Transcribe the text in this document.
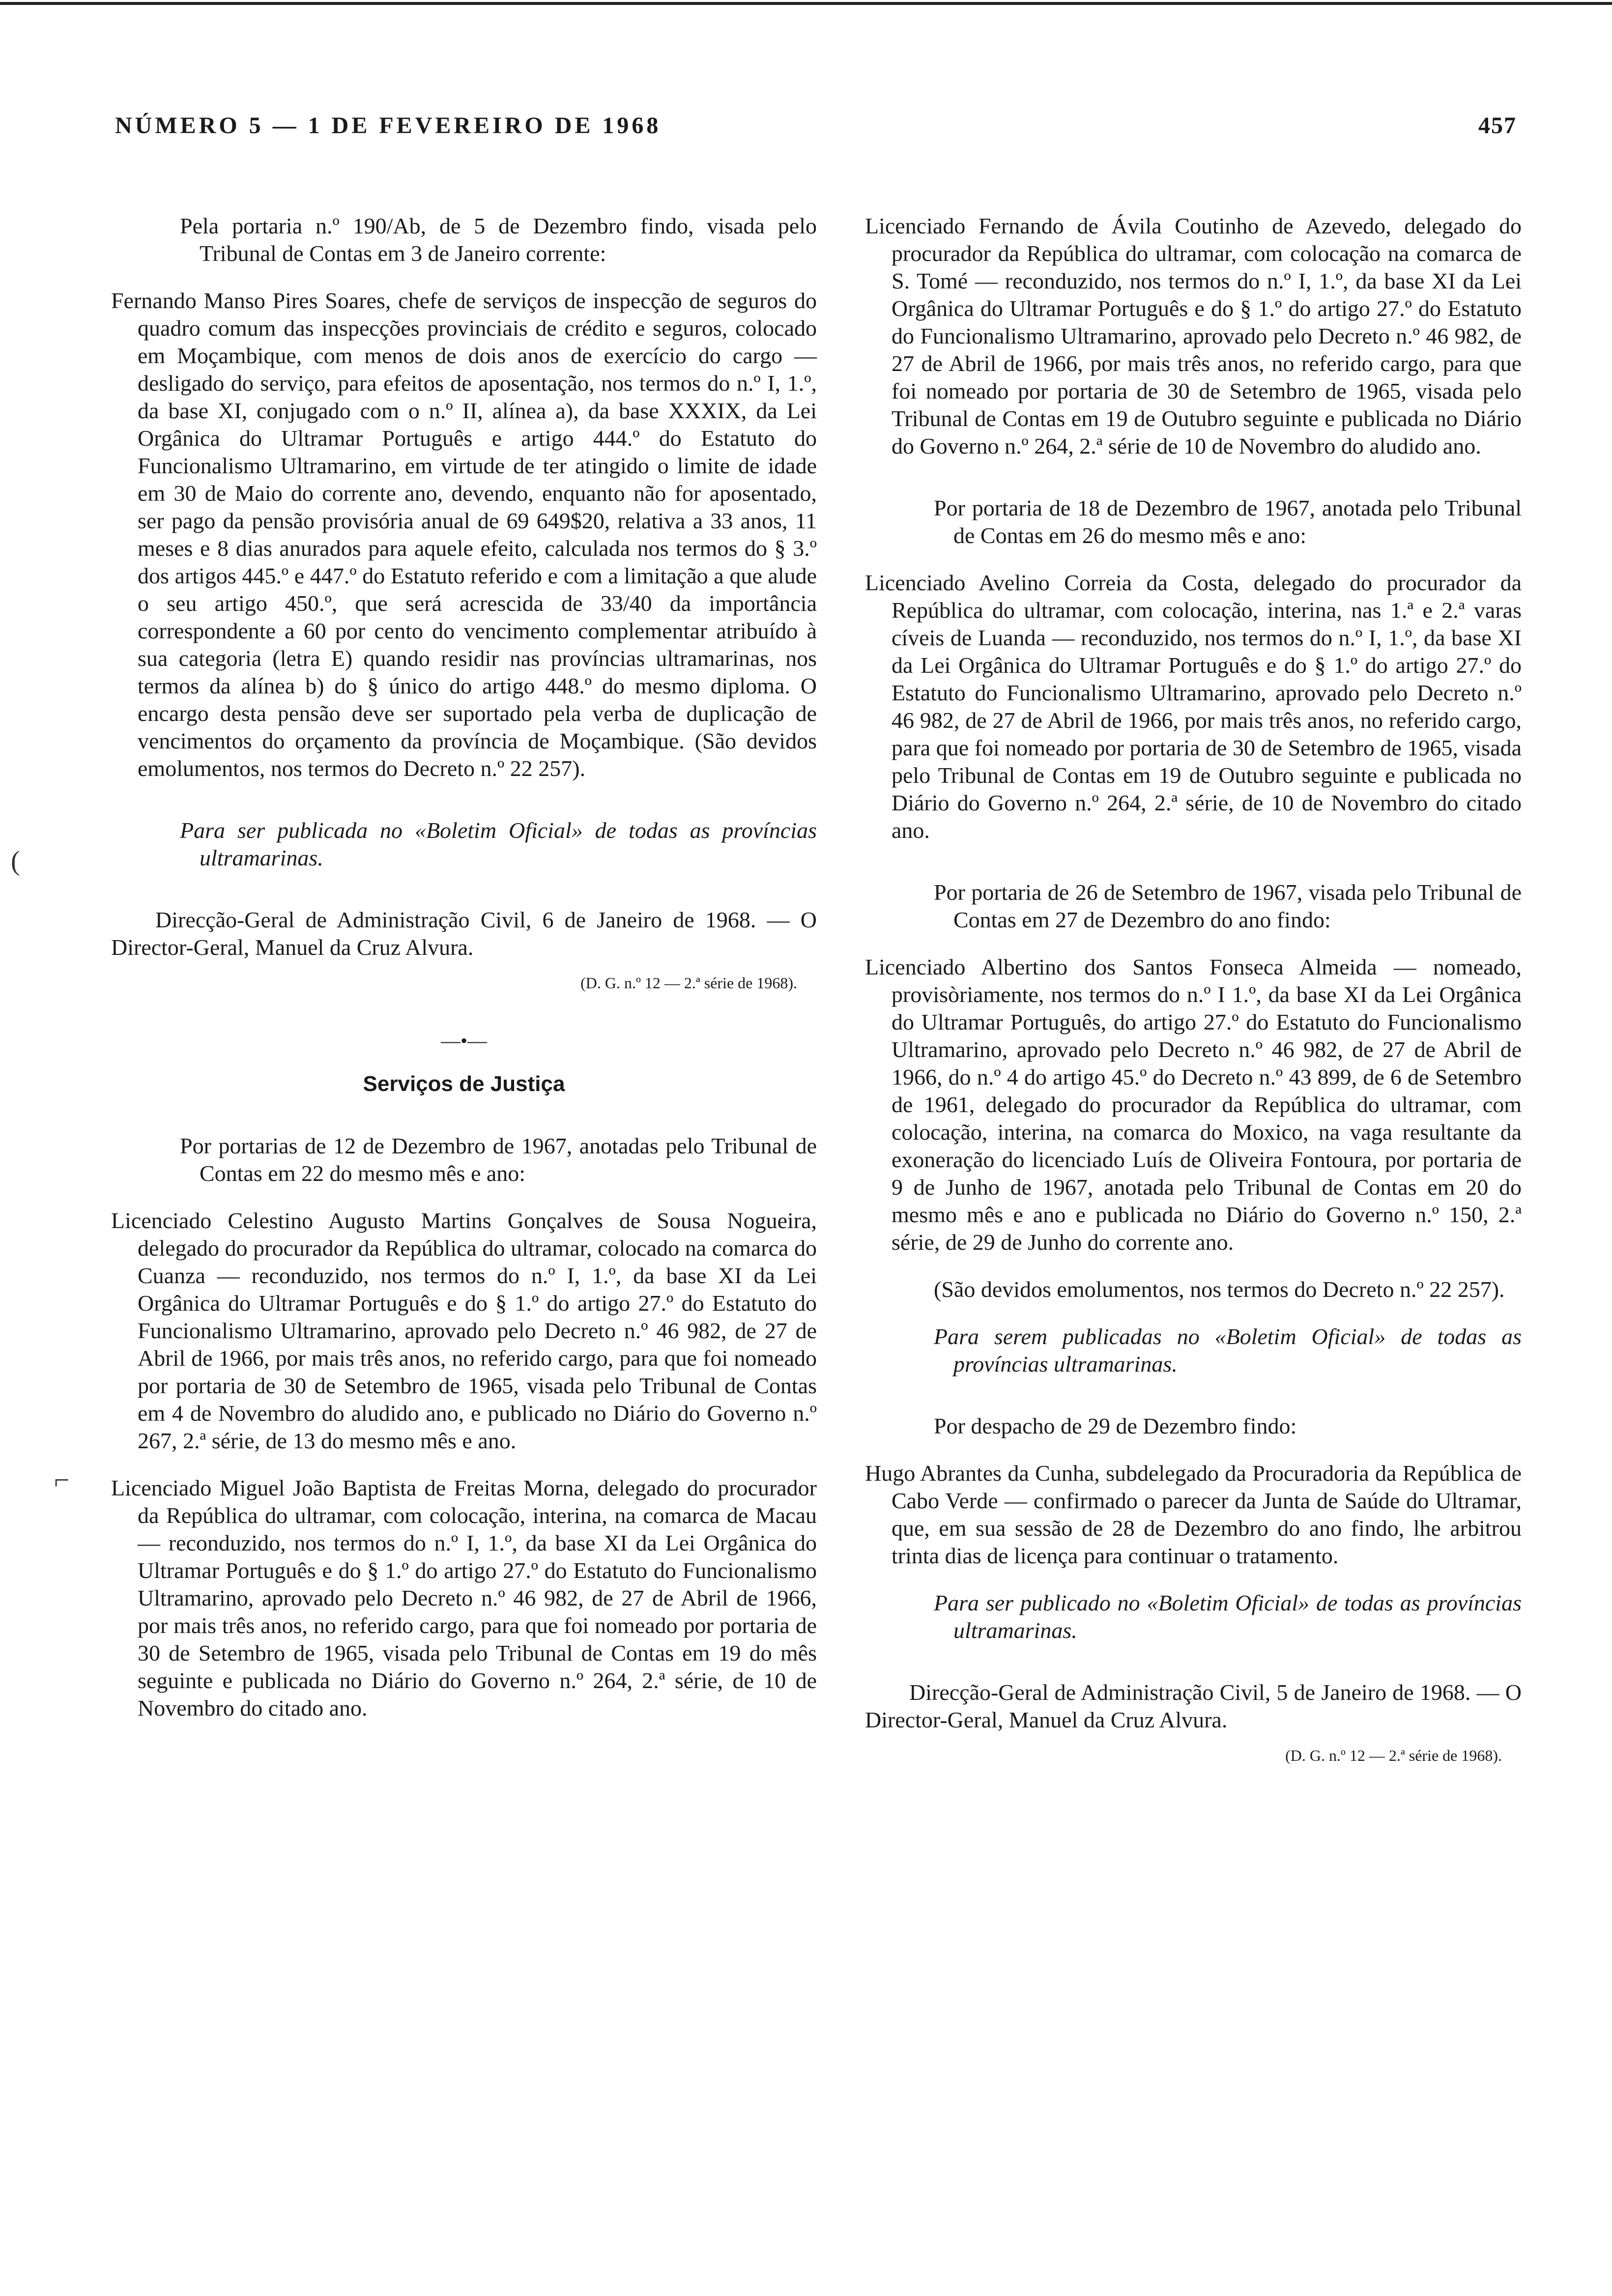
NÚMERO 5 — 1 DE FEVEREIRO DE 1968	457
(
⌐

Pela portaria n.º 190/Ab, de 5 de Dezembro findo, visada pelo Tribunal de Contas em 3 de Janeiro corrente:

Fernando Manso Pires Soares, chefe de serviços de inspecção de seguros do quadro comum das inspecções provinciais de crédito e seguros, colocado em Moçambique, com menos de dois anos de exercício do cargo — desligado do serviço, para efeitos de aposentação, nos termos do n.º I, 1.º, da base XI, conjugado com o n.º II, alínea a), da base XXXIX, da Lei Orgânica do Ultramar Português e artigo 444.º do Estatuto do Funcionalismo Ultramarino, em virtude de ter atingido o limite de idade em 30 de Maio do corrente ano, devendo, enquanto não for aposentado, ser pago da pensão provisória anual de 69 649$20, relativa a 33 anos, 11 meses e 8 dias anurados para aquele efeito, calculada nos termos do § 3.º dos artigos 445.º e 447.º do Estatuto referido e com a limitação a que alude o seu artigo 450.º, que será acrescida de 33/40 da importância correspondente a 60 por cento do vencimento complementar atribuído à sua categoria (letra E) quando residir nas províncias ultramarinas, nos termos da alínea b) do § único do artigo 448.º do mesmo diploma. O encargo desta pensão deve ser suportado pela verba de duplicação de vencimentos do orçamento da província de Moçambique. (São devidos emolumentos, nos termos do Decreto n.º 22 257).

Para ser publicada no «Boletim Oficial» de todas as províncias ultramarinas.

Direcção-Geral de Administração Civil, 6 de Janeiro de 1968. — O Director-Geral, Manuel da Cruz Alvura.

(D. G. n.º 12 — 2.ª série de 1968).

—•—

Serviços de Justiça

Por portarias de 12 de Dezembro de 1967, anotadas pelo Tribunal de Contas em 22 do mesmo mês e ano:

Licenciado Celestino Augusto Martins Gonçalves de Sousa Nogueira, delegado do procurador da República do ultramar, colocado na comarca do Cuanza — reconduzido, nos termos do n.º I, 1.º, da base XI da Lei Orgânica do Ultramar Português e do § 1.º do artigo 27.º do Estatuto do Funcionalismo Ultramarino, aprovado pelo Decreto n.º 46 982, de 27 de Abril de 1966, por mais três anos, no referido cargo, para que foi nomeado por portaria de 30 de Setembro de 1965, visada pelo Tribunal de Contas em 4 de Novembro do aludido ano, e publicado no Diário do Governo n.º 267, 2.ª série, de 13 do mesmo mês e ano.

Licenciado Miguel João Baptista de Freitas Morna, delegado do procurador da República do ultramar, com colocação, interina, na comarca de Macau — reconduzido, nos termos do n.º I, 1.º, da base XI da Lei Orgânica do Ultramar Português e do § 1.º do artigo 27.º do Estatuto do Funcionalismo Ultramarino, aprovado pelo Decreto n.º 46 982, de 27 de Abril de 1966, por mais três anos, no referido cargo, para que foi nomeado por portaria de 30 de Setembro de 1965, visada pelo Tribunal de Contas em 19 do mês seguinte e publicada no Diário do Governo n.º 264, 2.ª série, de 10 de Novembro do citado ano.

Licenciado Fernando de Ávila Coutinho de Azevedo, delegado do procurador da República do ultramar, com colocação na comarca de S. Tomé — reconduzido, nos termos do n.º I, 1.º, da base XI da Lei Orgânica do Ultramar Português e do § 1.º do artigo 27.º do Estatuto do Funcionalismo Ultramarino, aprovado pelo Decreto n.º 46 982, de 27 de Abril de 1966, por mais três anos, no referido cargo, para que foi nomeado por portaria de 30 de Setembro de 1965, visada pelo Tribunal de Contas em 19 de Outubro seguinte e publicada no Diário do Governo n.º 264, 2.ª série de 10 de Novembro do aludido ano.

Por portaria de 18 de Dezembro de 1967, anotada pelo Tribunal de Contas em 26 do mesmo mês e ano:

Licenciado Avelino Correia da Costa, delegado do procurador da República do ultramar, com colocação, interina, nas 1.ª e 2.ª varas cíveis de Luanda — reconduzido, nos termos do n.º I, 1.º, da base XI da Lei Orgânica do Ultramar Português e do § 1.º do artigo 27.º do Estatuto do Funcionalismo Ultramarino, aprovado pelo Decreto n.º 46 982, de 27 de Abril de 1966, por mais três anos, no referido cargo, para que foi nomeado por portaria de 30 de Setembro de 1965, visada pelo Tribunal de Contas em 19 de Outubro seguinte e publicada no Diário do Governo n.º 264, 2.ª série, de 10 de Novembro do citado ano.

Por portaria de 26 de Setembro de 1967, visada pelo Tribunal de Contas em 27 de Dezembro do ano findo:

Licenciado Albertino dos Santos Fonseca Almeida — nomeado, provisòriamente, nos termos do n.º I 1.º, da base XI da Lei Orgânica do Ultramar Português, do artigo 27.º do Estatuto do Funcionalismo Ultramarino, aprovado pelo Decreto n.º 46 982, de 27 de Abril de 1966, do n.º 4 do artigo 45.º do Decreto n.º 43 899, de 6 de Setembro de 1961, delegado do procurador da República do ultramar, com colocação, interina, na comarca do Moxico, na vaga resultante da exoneração do licenciado Luís de Oliveira Fontoura, por portaria de 9 de Junho de 1967, anotada pelo Tribunal de Contas em 20 do mesmo mês e ano e publicada no Diário do Governo n.º 150, 2.ª série, de 29 de Junho do corrente ano.

(São devidos emolumentos, nos termos do Decreto n.º 22 257).

Para serem publicadas no «Boletim Oficial» de todas as províncias ultramarinas.

Por despacho de 29 de Dezembro findo:

Hugo Abrantes da Cunha, subdelegado da Procuradoria da República de Cabo Verde — confirmado o parecer da Junta de Saúde do Ultramar, que, em sua sessão de 28 de Dezembro do ano findo, lhe arbitrou trinta dias de licença para continuar o tratamento.

Para ser publicado no «Boletim Oficial» de todas as províncias ultramarinas.

Direcção-Geral de Administração Civil, 5 de Janeiro de 1968. — O Director-Geral, Manuel da Cruz Alvura.

(D. G. n.º 12 — 2.ª série de 1968).
